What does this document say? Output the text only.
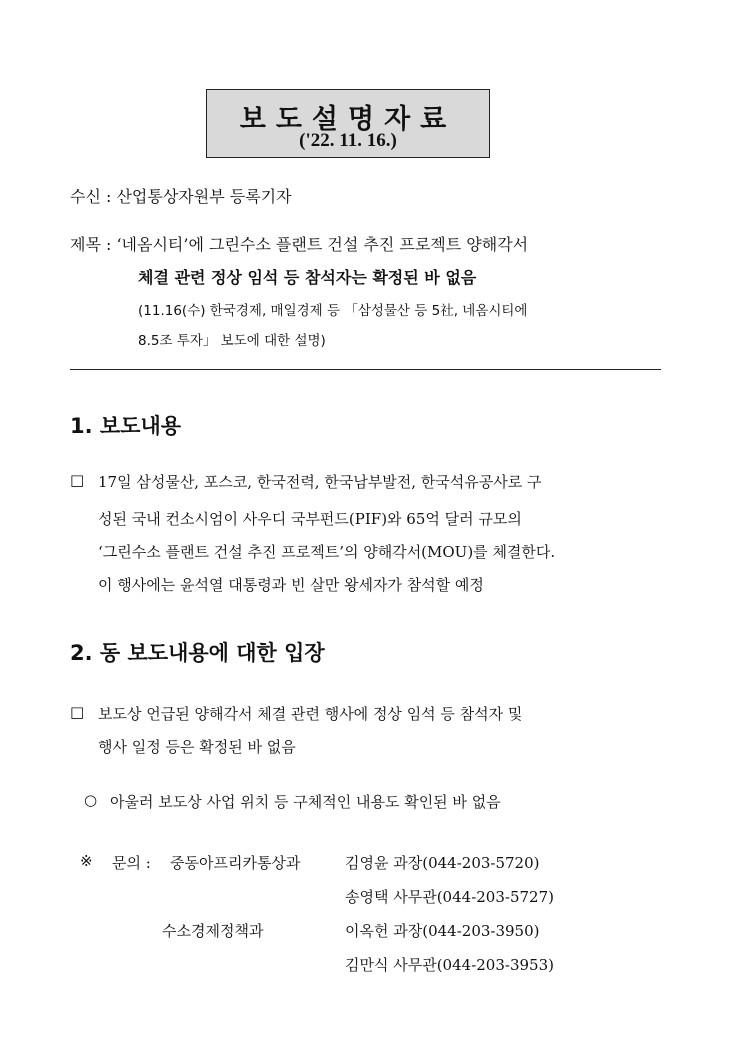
보도설명자료
('22. 11. 16.)
수신 : 산업통상자원부 등록기자
제목 : ‘네옴시티’에 그린수소 플랜트 건설 추진 프로젝트 양해각서
체결 관련 정상 임석 등 참석자는 확정된 바 없음
(11.16(수) 한국경제, 매일경제 등 「삼성물산 등 5社, 네옴시티에
8.5조 투자」 보도에 대한 설명)
1. 보도내용
□ 17일 삼성물산, 포스코, 한국전력, 한국남부발전, 한국석유공사로 구
성된 국내 컨소시엄이 사우디 국부펀드(PIF)와 65억 달러 규모의
‘그린수소 플랜트 건설 추진 프로젝트’의 양해각서(MOU)를 체결한다.
이 행사에는 윤석열 대통령과 빈 살만 왕세자가 참석할 예정
2. 동 보도내용에 대한 입장
□ 보도상 언급된 양해각서 체결 관련 행사에 정상 임석 등 참석자 및
행사 일정 등은 확정된 바 없음
○ 아울러 보도상 사업 위치 등 구체적인 내용도 확인된 바 없음
※ 문의 : 중동아프리카통상과	김영윤 과장(044-203-5720)
송영택 사무관(044-203-5727)
수소경제정책과	이옥헌 과장(044-203-3950)
김만식 사무관(044-203-3953)
